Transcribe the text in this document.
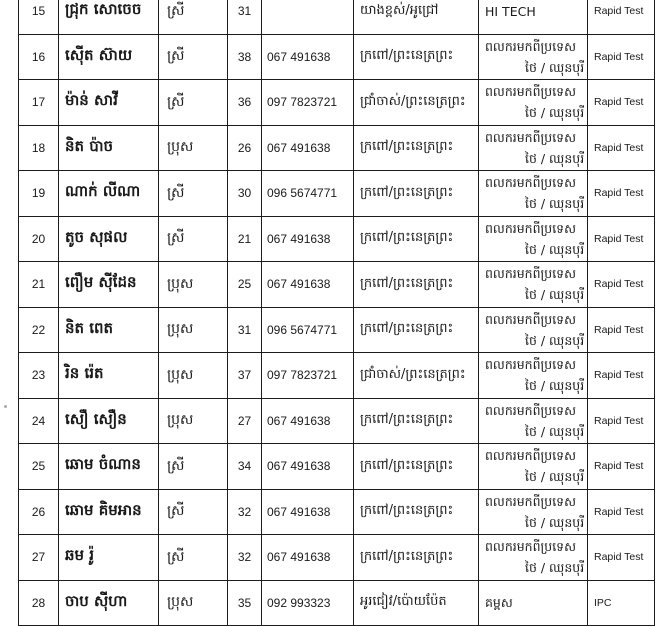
15	ជ្រុក សោចេច	ស្រី	31		យាងខ្ពស់/អូជ្រៅ	HI TECH	Rapid Test
16	ស៊ើត ស៊ាយ	ស្រី	38	067 491638	ក្រពៅ/ព្រះនេត្រព្រះ	ពលករមកពីប្រទេស
ថៃ / ឈុនបុរី	Rapid Test
17	ម៉ាន់ សាវី	ស្រី	36	097 7823721	ជ្រាំចាស់/ព្រះនេត្រព្រះ	ពលករមកពីប្រទេស
ថៃ / ឈុនបុរី	Rapid Test
18	និត ប៉ាច	ប្រុស	26	067 491638	ក្រពៅ/ព្រះនេត្រព្រះ	ពលករមកពីប្រទេស
ថៃ / ឈុនបុរី	Rapid Test
19	ណាក់ លីណា	ស្រី	30	096 5674771	ក្រពៅ/ព្រះនេត្រព្រះ	ពលករមកពីប្រទេស
ថៃ / ឈុនបុរី	Rapid Test
20	តូច សុផល	ស្រី	21	067 491638	ក្រពៅ/ព្រះនេត្រព្រះ	ពលករមកពីប្រទេស
ថៃ / ឈុនបុរី	Rapid Test
21	ពឿម ស៊ីដែន	ប្រុស	25	067 491638	ក្រពៅ/ព្រះនេត្រព្រះ	ពលករមកពីប្រទេស
ថៃ / ឈុនបុរី	Rapid Test
22	និត ពេត	ប្រុស	31	096 5674771	ក្រពៅ/ព្រះនេត្រព្រះ	ពលករមកពីប្រទេស
ថៃ / ឈុនបុរី	Rapid Test
23	រិន រ៉េត	ប្រុស	37	097 7823721	ជ្រាំចាស់/ព្រះនេត្រព្រះ	ពលករមកពីប្រទេស
ថៃ / ឈុនបុរី	Rapid Test
24	សឿ សឿន	ប្រុស	27	067 491638	ក្រពៅ/ព្រះនេត្រព្រះ	ពលករមកពីប្រទេស
ថៃ / ឈុនបុរី	Rapid Test
25	ឆោម ចំណាន	ស្រី	34	067 491638	ក្រពៅ/ព្រះនេត្រព្រះ	ពលករមកពីប្រទេស
ថៃ / ឈុនបុរី	Rapid Test
26	ឆោម គិមអាន	ស្រី	32	067 491638	ក្រពៅ/ព្រះនេត្រព្រះ	ពលករមកពីប្រទេស
ថៃ / ឈុនបុរី	Rapid Test
27	ឆម រ៉ូ	ស្រី	32	067 491638	ក្រពៅ/ព្រះនេត្រព្រះ	ពលករមកពីប្រទេស
ថៃ / ឈុនបុរី	Rapid Test
28	ចាប ស៊ីហា	ប្រុស	35	092 993323	អូរជៀវ/ប៉ោយប៉ែត	គម្ពស	IPC
